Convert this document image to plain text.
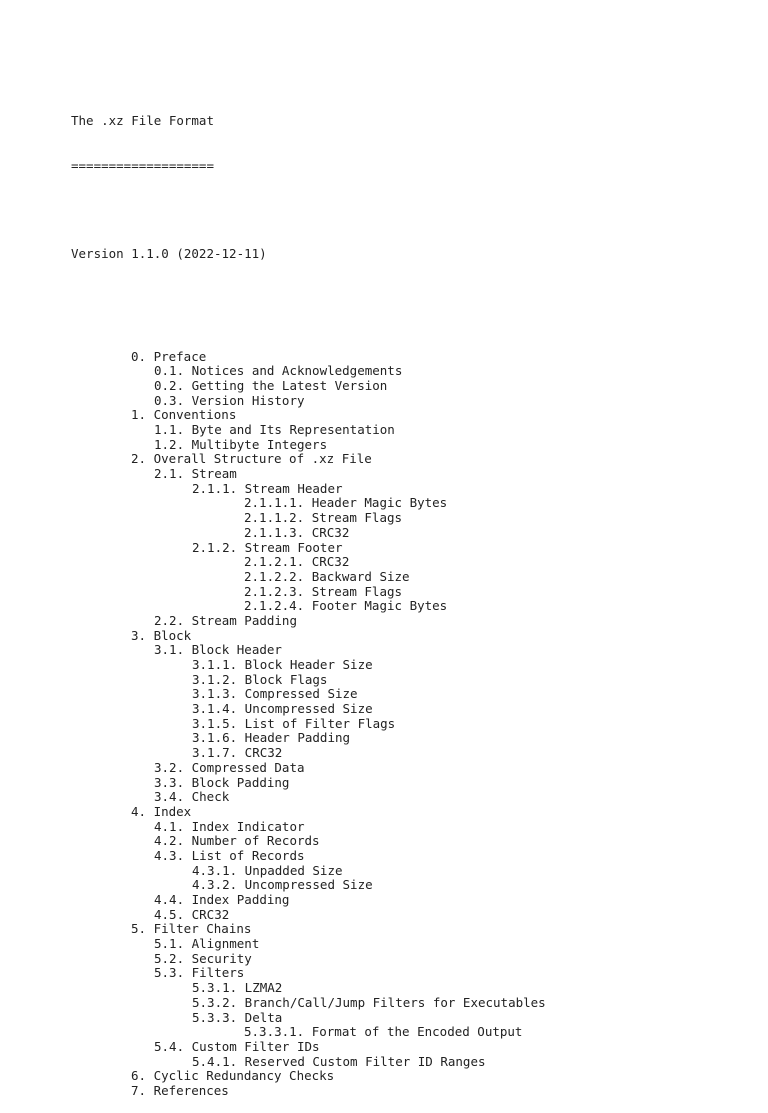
The .xz File Format

===================

Version 1.1.0 (2022-12-11)

0. Preface
0.1. Notices and Acknowledgements
0.2. Getting the Latest Version
0.3. Version History
1. Conventions
1.1. Byte and Its Representation
1.2. Multibyte Integers
2. Overall Structure of .xz File
2.1. Stream
2.1.1. Stream Header
2.1.1.1. Header Magic Bytes
2.1.1.2. Stream Flags
2.1.1.3. CRC32
2.1.2. Stream Footer
2.1.2.1. CRC32
2.1.2.2. Backward Size
2.1.2.3. Stream Flags
2.1.2.4. Footer Magic Bytes
2.2. Stream Padding
3. Block
3.1. Block Header
3.1.1. Block Header Size
3.1.2. Block Flags
3.1.3. Compressed Size
3.1.4. Uncompressed Size
3.1.5. List of Filter Flags
3.1.6. Header Padding
3.1.7. CRC32
3.2. Compressed Data
3.3. Block Padding
3.4. Check
4. Index
4.1. Index Indicator
4.2. Number of Records
4.3. List of Records
4.3.1. Unpadded Size
4.3.2. Uncompressed Size
4.4. Index Padding
4.5. CRC32
5. Filter Chains
5.1. Alignment
5.2. Security
5.3. Filters
5.3.1. LZMA2
5.3.2. Branch/Call/Jump Filters for Executables
5.3.3. Delta
5.3.3.1. Format of the Encoded Output
5.4. Custom Filter IDs
5.4.1. Reserved Custom Filter ID Ranges
6. Cyclic Redundancy Checks
7. References
